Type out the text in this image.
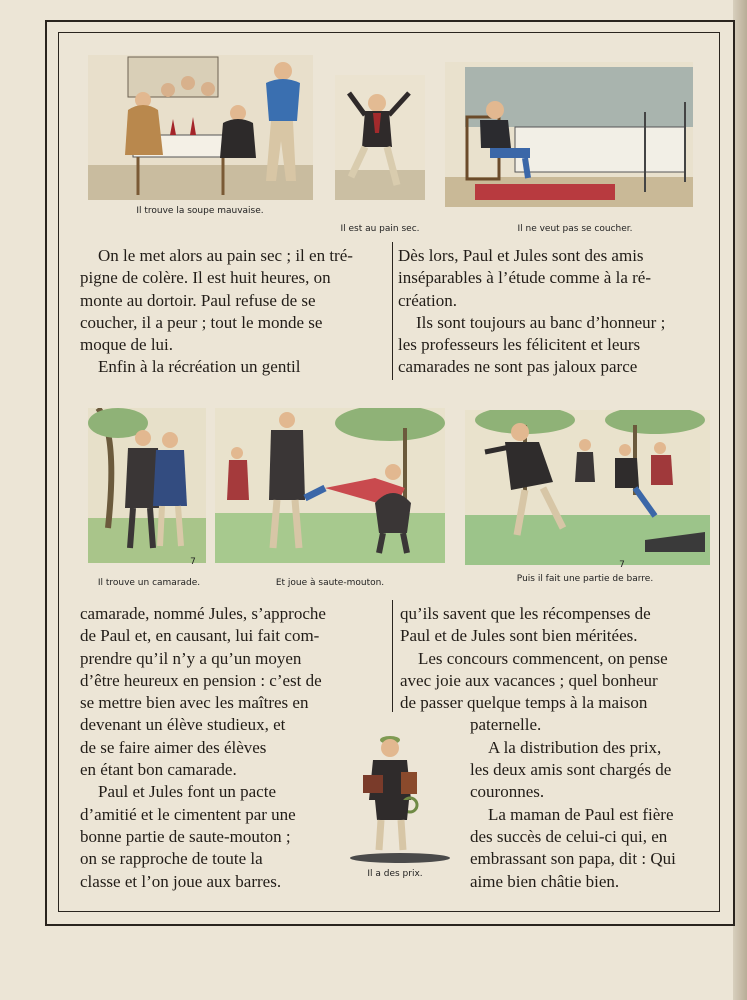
Il trouve la soupe mauvaise.
Il est au pain sec.	Il ne veut pas se coucher.

On le met alors au pain sec ; il en tré-

pigne de colère. Il est huit heures, on

monte au dortoir. Paul refuse de se

coucher, il a peur ; tout le monde se

moque de lui.

Enfin à la récréation un gentil

Dès lors, Paul et Jules sont des amis

inséparables à l’étude comme à la ré-

création.

Ils sont toujours au banc d’honneur ;

les professeurs les félicitent et leurs

camarades ne sont pas jaloux parce

Il trouve un camarade.	Et joue à saute-mouton.	Puis il fait une partie de barre.
7	7

camarade, nommé Jules, s’approche

de Paul et, en causant, lui fait com-

prendre qu’il n’y a qu’un moyen

d’être heureux en pension : c’est de

se mettre bien avec les maîtres en

devenant un élève studieux, et

de se faire aimer des élèves

en étant bon camarade.

Paul et Jules font un pacte

d’amitié et le cimentent par une

bonne partie de saute-mouton ;

on se rapproche de toute la

classe et l’on joue aux barres.

qu’ils savent que les récompenses de

Paul et de Jules sont bien méritées.

Les concours commencent, on pense

avec joie aux vacances ; quel bonheur

de passer quelque temps à la maison

paternelle.

A la distribution des prix,

les deux amis sont chargés de

couronnes.

La maman de Paul est fière

des succès de celui-ci qui, en

embrassant son papa, dit : Qui

aime bien châtie bien.

Il a des prix.
